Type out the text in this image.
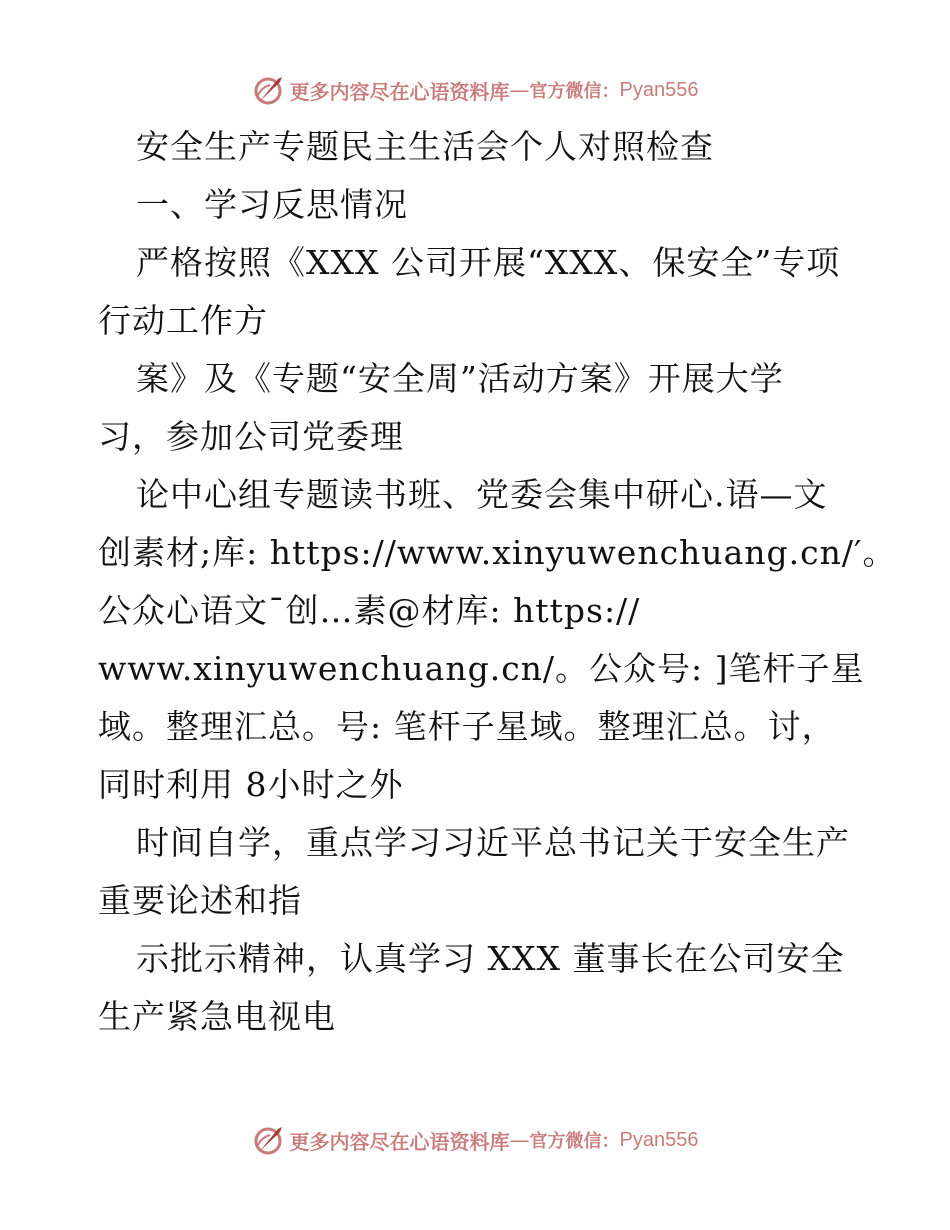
更多内容尽在心语资料库 — 官方微信： Pyan556
安全生产专题民主生活会个人对照检查
一、学习反思情况
严格按照《XXX 公司开展“XXX、保安全”专项
行动工作方
案》及《专题“安全周”活动方案》开展大学
习，参加公司党委理
论中心组专题读书班、党委会集中研心.语—文
创素材;库: https://www.xinyuwenchuang.cn/′。
公众心语文¯创…素@材库: https://
www.xinyuwenchuang.cn/。公众号: ]笔杆子星
域。整理汇总。号: 笔杆子星域。整理汇总。讨，
同时利用 8小时之外
时间自学，重点学习习近平总书记关于安全生产
重要论述和指
示批示精神，认真学习 XXX 董事长在公司安全
生产紧急电视电
更多内容尽在心语资料库 — 官方微信： Pyan556
